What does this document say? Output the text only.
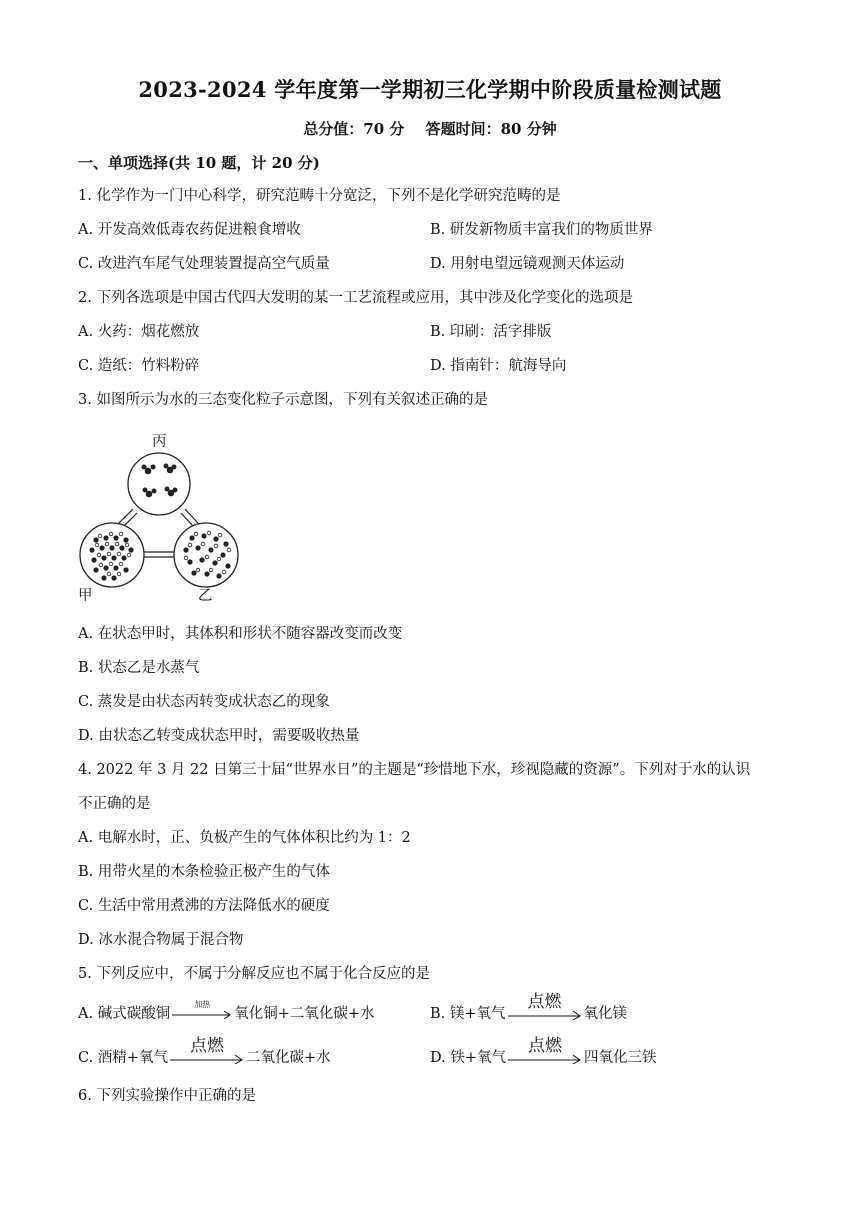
2023-2024 学年度第一学期初三化学期中阶段质量检测试题
总分值：70 分 答题时间：80 分钟
一、单项选择(共 10 题，计 20 分)
1. 化学作为一门中心科学，研究范畴十分宽泛，下列不是化学研究范畴的是
A. 开发高效低毒农药促进粮食增收	B. 研发新物质丰富我们的物质世界
C. 改进汽车尾气处理装置提高空气质量	D. 用射电望远镜观测天体运动
2. 下列各选项是中国古代四大发明的某一工艺流程或应用，其中涉及化学变化的选项是
A. 火药：烟花燃放	B. 印刷：活字排版
C. 造纸：竹料粉碎	D. 指南针：航海导向
3. 如图所示为水的三态变化粒子示意图，下列有关叙述正确的是
丙
甲	乙
A. 在状态甲时，其体积和形状不随容器改变而改变
B. 状态乙是水蒸气
C. 蒸发是由状态丙转变成状态乙的现象
D. 由状态乙转变成状态甲时，需要吸收热量
4. 2022 年 3 月 22 日第三十届“世界水日”的主题是“珍惜地下水，珍视隐藏的资源”。下列对于水的认识
不正确的是
A. 电解水时，正、负极产生的气体体积比约为 1：2
B. 用带火星的木条检验正极产生的气体
C. 生活中常用煮沸的方法降低水的硬度
D. 冰水混合物属于混合物
5. 下列反应中，不属于分解反应也不属于化合反应的是
A. 碱式碳酸铜
加热
氧化铜+二氧化碳+水	B. 镁+氧气
点燃
氧化镁
C. 酒精+氧气
点燃
二氧化碳+水	D. 铁+氧气
点燃
四氧化三铁
6. 下列实验操作中正确的是
